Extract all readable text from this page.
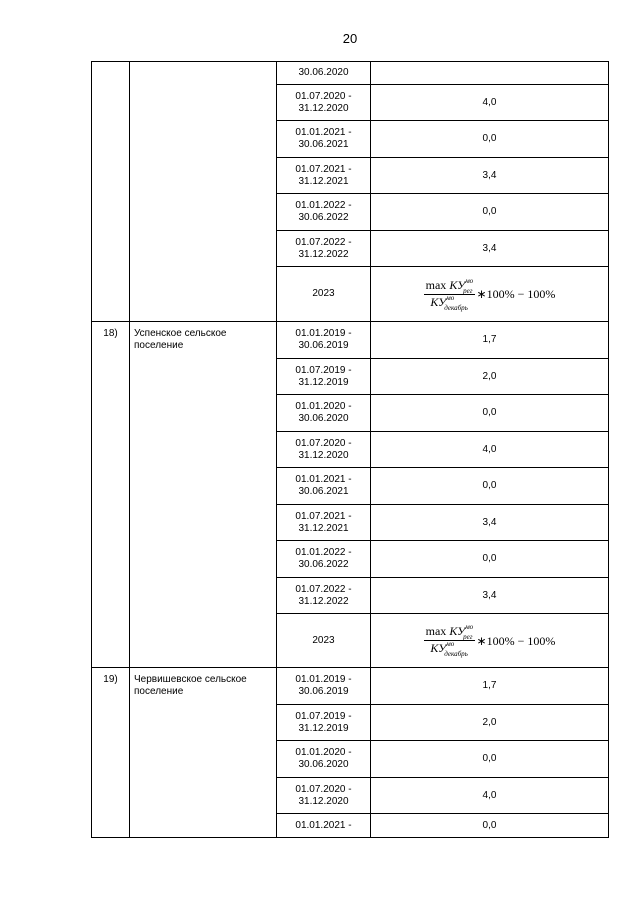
20

		30.06.2020	

		01.07.2020 -
31.12.2020	4,0

		01.01.2021 -
30.06.2021	0,0

		01.07.2021 -
31.12.2021	3,4

		01.01.2022 -
30.06.2022	0,0

		01.07.2022 -
31.12.2022	3,4

		2023	$\frac{\max КУ^{мо}_{рег}}{КУ^{мо}_{декабрь}}$ ∗100% − 100%

18)	Успенское сельское поселение	01.01.2019 -
30.06.2019	1,7

		01.07.2019 -
31.12.2019	2,0

		01.01.2020 -
30.06.2020	0,0

		01.07.2020 -
31.12.2020	4,0

		01.01.2021 -
30.06.2021	0,0

		01.07.2021 -
31.12.2021	3,4

		01.01.2022 -
30.06.2022	0,0

		01.07.2022 -
31.12.2022	3,4

		2023	$\frac{\max КУ^{мо}_{рег}}{КУ^{мо}_{декабрь}}$ ∗100% − 100%

19)	Червишевское сельское поселение	01.01.2019 -
30.06.2019	1,7

		01.07.2019 -
31.12.2019	2,0

		01.01.2020 -
30.06.2020	0,0

		01.07.2020 -
31.12.2020	4,0

		01.01.2021 -	0,0
